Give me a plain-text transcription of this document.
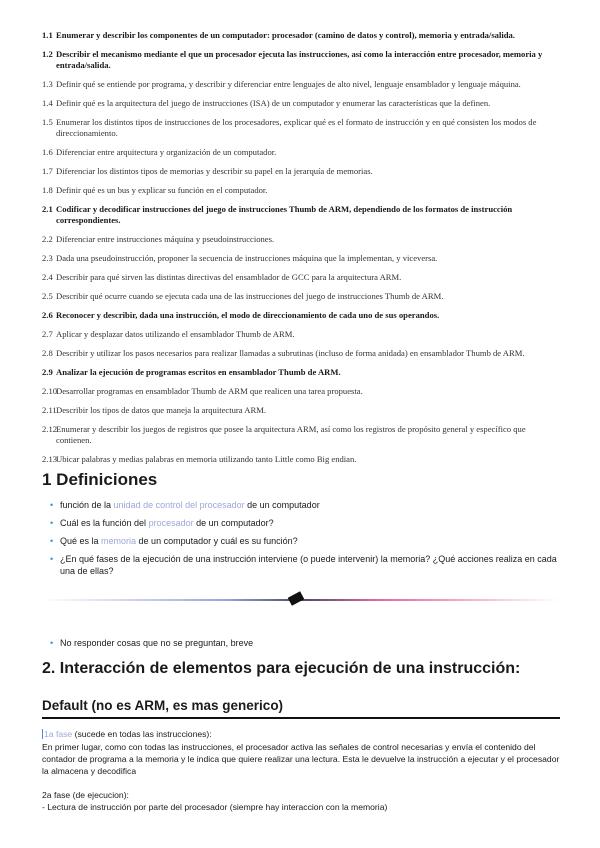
1.1 Enumerar y describir los componentes de un computador: procesador (camino de datos y control), memoria y entrada/salida.
1.2 Describir el mecanismo mediante el que un procesador ejecuta las instrucciones, así como la interacción entre procesador, memoria y entrada/salida.
1.3 Definir qué se entiende por programa, y describir y diferenciar entre lenguajes de alto nivel, lenguaje ensamblador y lenguaje máquina.
1.4 Definir qué es la arquitectura del juego de instrucciones (ISA) de un computador y enumerar las características que la definen.
1.5 Enumerar los distintos tipos de instrucciones de los procesadores, explicar qué es el formato de instrucción y en qué consisten los modos de direccionamiento.
1.6 Diferenciar entre arquitectura y organización de un computador.
1.7 Diferenciar los distintos tipos de memorias y describir su papel en la jerarquía de memorias.
1.8 Definir qué es un bus y explicar su función en el computador.
2.1 Codificar y decodificar instrucciones del juego de instrucciones Thumb de ARM, dependiendo de los formatos de instrucción correspondientes.
2.2 Diferenciar entre instrucciones máquina y pseudoinstrucciones.
2.3 Dada una pseudoinstrucción, proponer la secuencia de instrucciones máquina que la implementan, y viceversa.
2.4 Describir para qué sirven las distintas directivas del ensamblador de GCC para la arquitectura ARM.
2.5 Describir qué ocurre cuando se ejecuta cada una de las instrucciones del juego de instrucciones Thumb de ARM.
2.6 Reconocer y describir, dada una instrucción, el modo de direccionamiento de cada uno de sus operandos.
2.7 Aplicar y desplazar datos utilizando el ensamblador Thumb de ARM.
2.8 Describir y utilizar los pasos necesarios para realizar llamadas a subrutinas (incluso de forma anidada) en ensamblador Thumb de ARM.
2.9 Analizar la ejecución de programas escritos en ensamblador Thumb de ARM.
2.10
Desarrollar programas en ensamblador Thumb de ARM que realicen una tarea propuesta.
2.11 Describir los tipos de datos que maneja la arquitectura ARM.
2.12
Enumerar y describir los juegos de registros que posee la arquitectura ARM, así como los registros de propósito general y específico que contienen.
2.13
Ubicar palabras y medias palabras en memoria utilizando tanto Little como Big endian.
1 Definiciones
• función de la unidad de control del procesador de un computador
• Cuál es la función del procesador de un computador?
• Qué es la memoria de un computador y cuál es su función?
• ¿En qué fases de la ejecución de una instrucción interviene (o puede intervenir) la memoria? ¿Qué acciones realiza en cada una de ellas?
• No responder cosas que no se preguntan, breve
2. Interacción de elementos para ejecución de una instrucción:
Default (no es ARM, es mas generico)

1a fase (sucede en todas las instrucciones):

En primer lugar, como con todas las instrucciones, el procesador activa las señales de control necesarias y envía el contenido del contador de programa a la memoria y le indica que quiere realizar una lectura. Esta le devuelve la instrucción a ejecutar y el procesador la almacena y decodifica

2a fase (de ejecucion):

- Lectura de instrucción por parte del procesador (siempre hay interaccion con la memoria)
